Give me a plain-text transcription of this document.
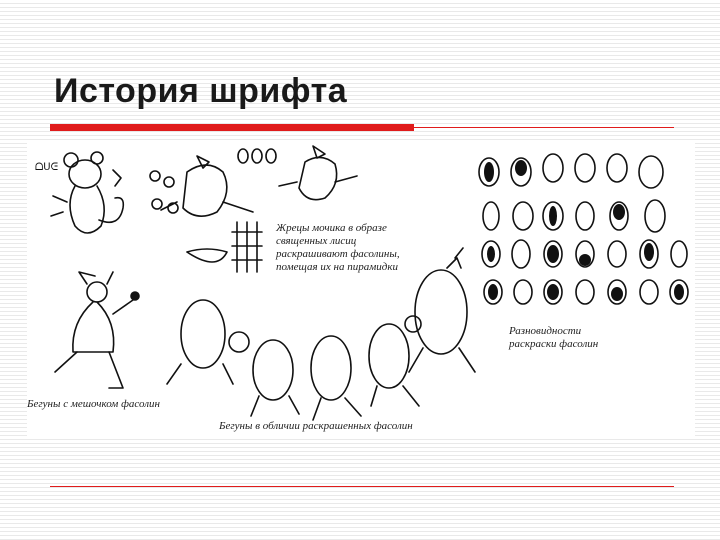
История шрифта
ᗝᑌᕮ
Жрецы мочика в образе
священных лисиц
раскрашивают фасолины,
помещая их на пирамидки
Бегуны с мешочком фасолин
Бегуны в обличии раскрашенных фасолин
Разновидности
раскраски фасолин
